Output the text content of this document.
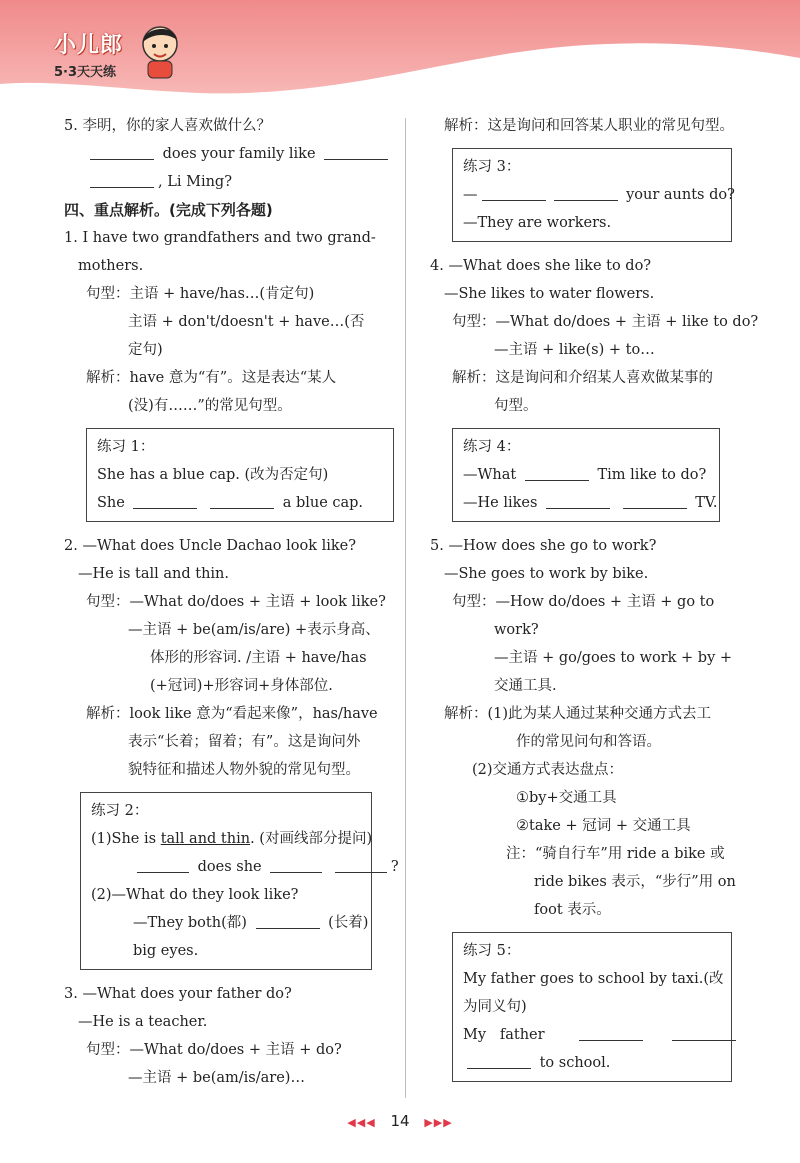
小儿郎
5·3天天练
5. 李明，你的家人喜欢做什么？
does your family like
, Li Ming?
四、重点解析。(完成下列各题)
1. I have two grandfathers and two grand-
mothers.
句型：主语 + have/has…(肯定句)
主语 + don't/doesn't + have…(否
定句)
解析：have 意为“有”。这是表达“某人
(没)有……”的常见句型。
练习 1：
She has a blue cap. (改为否定句)
She	a blue cap.
2. —What does Uncle Dachao look like?
—He is tall and thin.
句型：—What do/does + 主语 + look like?
—主语 + be(am/is/are) +表示身高、
体形的形容词. /主语 + have/has
(+冠词)+形容词+身体部位.
解析：look like 意为“看起来像”，has/have
表示“长着；留着；有”。这是询问外
貌特征和描述人物外貌的常见句型。
练习 2：
(1)She is tall and thin. (对画线部分提问)
does she	?
(2)—What do they look like?
—They both(都)	(长着)
big eyes.
3. —What does your father do?
—He is a teacher.
句型：—What do/does + 主语 + do?
—主语 + be(am/is/are)…
解析：这是询问和回答某人职业的常见句型。
练习 3：
—	your aunts do?
—They are workers.
4. —What does she like to do?
—She likes to water flowers.
句型：—What do/does + 主语 + like to do?
—主语 + like(s) + to…
解析：这是询问和介绍某人喜欢做某事的
句型。
练习 4：
—What	Tim like to do?
—He likes	TV.
5. —How does she go to work?
—She goes to work by bike.
句型：—How do/does + 主语 + go to
work?
—主语 + go/goes to work + by +
交通工具.
解析：(1)此为某人通过某种交通方式去工
作的常见问句和答语。
(2)交通方式表达盘点：
①by+交通工具
②take + 冠词 + 交通工具
注：“骑自行车”用 ride a bike 或
ride bikes 表示，“步行”用 on
foot 表示。
练习 5：
My father goes to school by taxi.(改
为同义句)
My   father
to school.
◀◀◀ 14 ▶▶▶
